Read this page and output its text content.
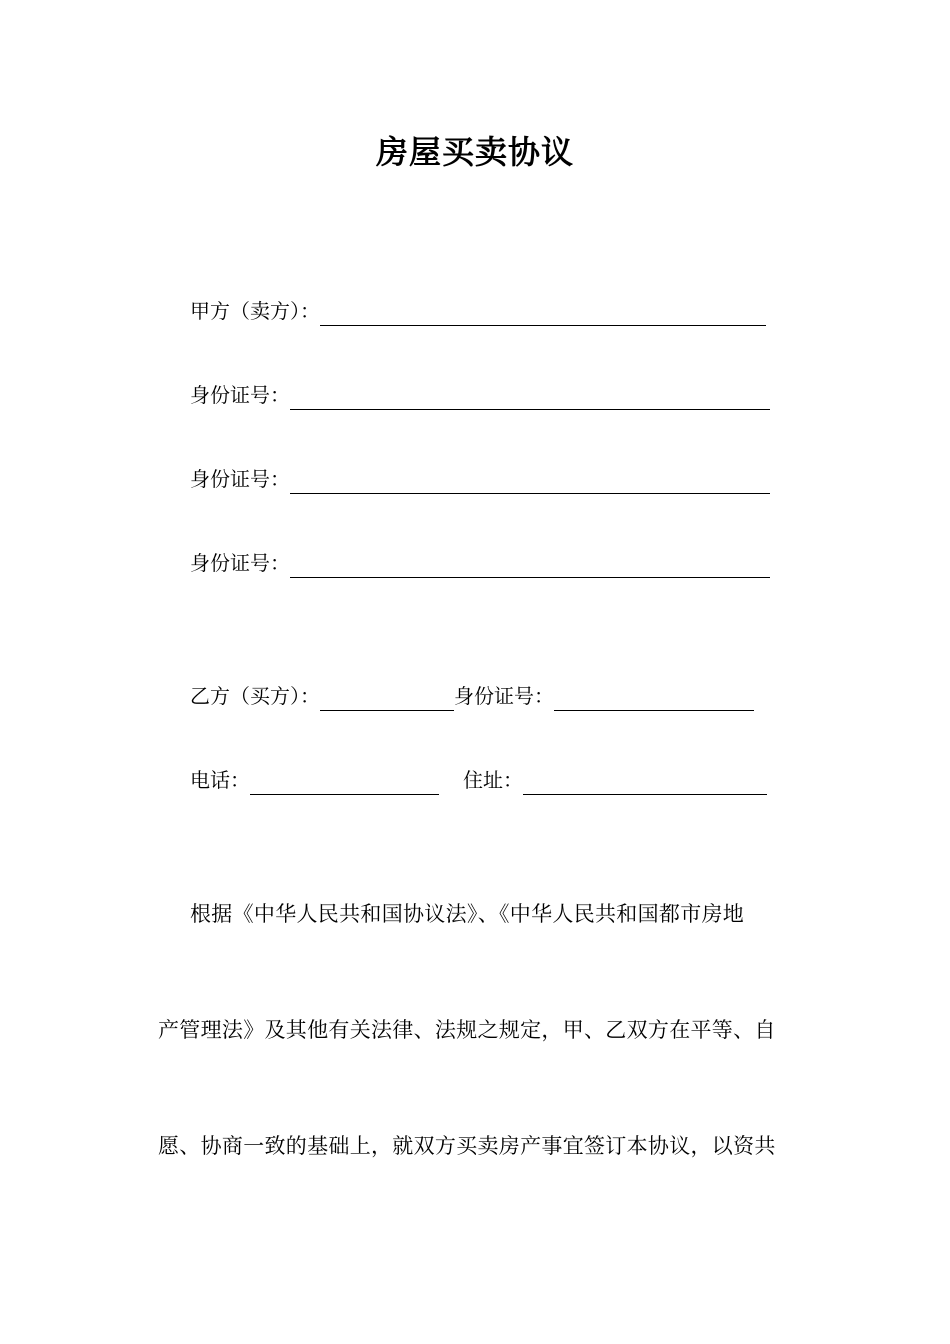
房屋买卖协议
甲方（卖方）：
身份证号：
身份证号：
身份证号：
乙方（买方）：	身份证号：
电话：	住址：
根据《中华人民共和国协议法》、《中华人民共和国都市房地
产管理法》及其他有关法律、法规之规定，甲、乙双方在平等、自
愿、协商一致的基础上，就双方买卖房产事宜签订本协议，以资共
